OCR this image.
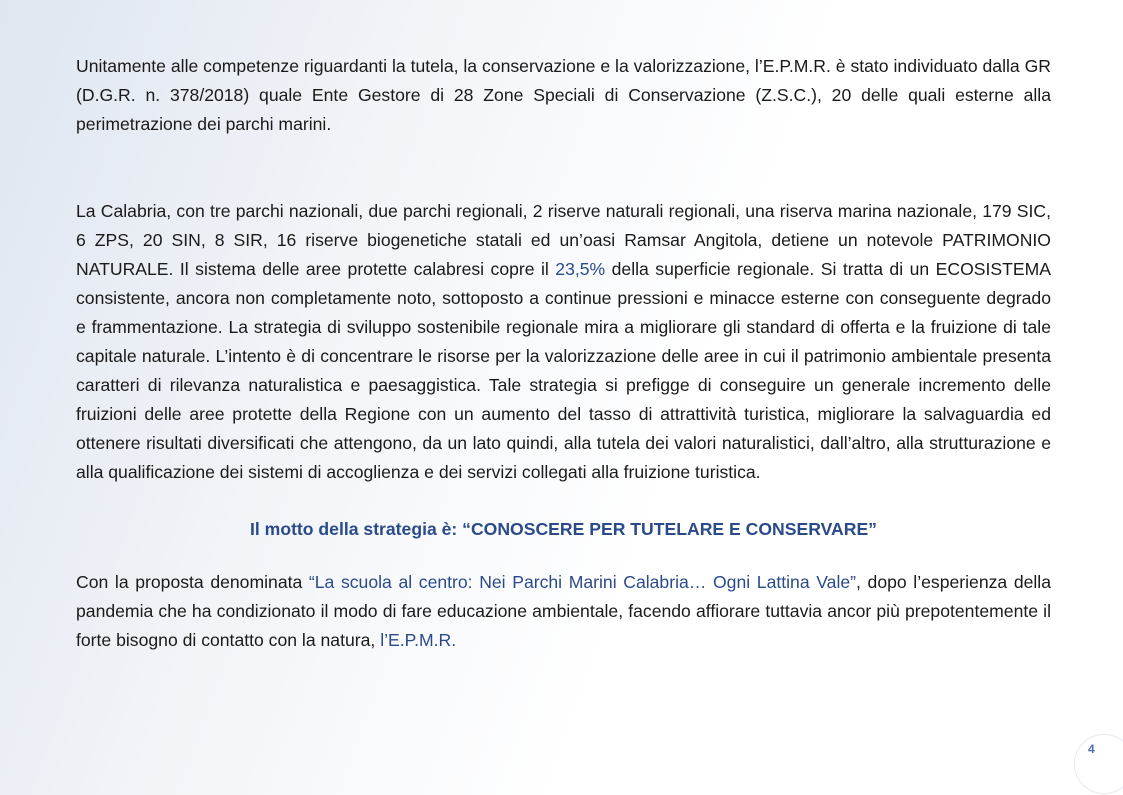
Unitamente alle competenze riguardanti la tutela, la conservazione e la valorizzazione, l’E.P.M.R. è stato individuato dalla GR (D.G.R. n. 378/2018) quale Ente Gestore di 28 Zone Speciali di Conservazione (Z.S.C.), 20 delle quali esterne alla perimetrazione dei parchi marini.

La Calabria, con tre parchi nazionali, due parchi regionali, 2 riserve naturali regionali, una riserva marina nazionale, 179 SIC, 6 ZPS, 20 SIN, 8 SIR, 16 riserve biogenetiche statali ed un’oasi Ramsar Angitola, detiene un notevole PATRIMONIO NATURALE. Il sistema delle aree protette calabresi copre il 23,5% della superficie regionale. Si tratta di un ECOSISTEMA consistente, ancora non completamente noto, sottoposto a continue pressioni e minacce esterne con conseguente degrado e frammentazione. La strategia di sviluppo sostenibile regionale mira a migliorare gli standard di offerta e la fruizione di tale capitale naturale. L’intento è di concentrare le risorse per la valorizzazione delle aree in cui il patrimonio ambientale presenta caratteri di rilevanza naturalistica e paesaggistica. Tale strategia si prefigge di conseguire un generale incremento delle fruizioni delle aree protette della Regione con un aumento del tasso di attrattività turistica, migliorare la salvaguardia ed ottenere risultati diversificati che attengono, da un lato quindi, alla tutela dei valori naturalistici, dall’altro, alla strutturazione e alla qualificazione dei sistemi di accoglienza e dei servizi collegati alla fruizione turistica.

Il motto della strategia è: “CONOSCERE PER TUTELARE E CONSERVARE”

Con la proposta denominata “La scuola al centro: Nei Parchi Marini Calabria… Ogni Lattina Vale”, dopo l’esperienza della pandemia che ha condizionato il modo di fare educazione ambientale, facendo affiorare tuttavia ancor più prepotentemente il forte bisogno di contatto con la natura, l’E.P.M.R.

4
